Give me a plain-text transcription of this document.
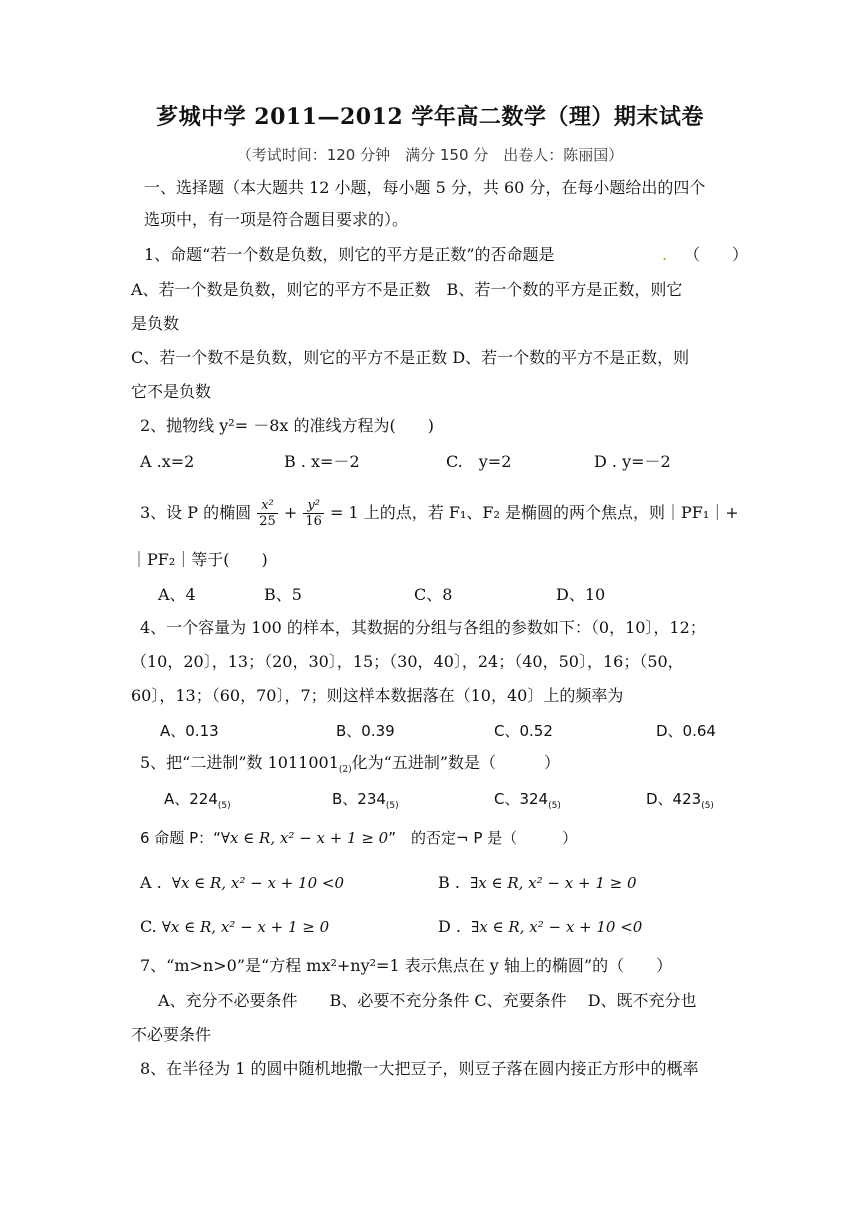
芗城中学 2011—2012 学年高二数学（理）期末试卷
（考试时间：120 分钟　满分 150 分　出卷人：陈丽国）
一、选择题（本大题共 12 小题，每小题 5 分，共 60 分，在每小题给出的四个
选项中，有一项是符合题目要求的）。
1、命题“若一个数是负数，则它的平方是正数”的否命题是	. （　　）
A、若一个数是负数，则它的平方不是正数　B、若一个数的平方是正数，则它
是负数
C、若一个数不是负数，则它的平方不是正数 D、若一个数的平方不是正数，则
它不是负数
2、抛物线 y²= －8x 的准线方程为(　　)
A .x=2	B . x=－2	C.　y=2	D . y=－2
3、设 P 的椭圆 $\frac{\text{x²}}{25} + \frac{\text{y²}}{16} = 1$ 上的点，若 F₁、F₂ 是椭圆的两个焦点，则｜PF₁｜+
｜PF₂｜等于(　　)
A、4	B、5	C、8	D、10
4、一个容量为 100 的样本，其数据的分组与各组的参数如下：（0，10〕，12；
（10，20〕，13；（20，30〕，15；（30，40〕，24；（40，50〕，16；（50，
60〕，13；（60，70〕，7；则这样本数据落在（10，40〕上的频率为
A、0.13	B、0.39	C、0.52	D、0.64
5、把“二进制”数 $1011001_{(2)}$化为“五进制”数是（　　　）
A、$224_{(5)}$	B、$234_{(5)}$	C、$324_{(5)}$	D、$423_{(5)}$
6 命题 P：“∀x ∈ R, x² − x + 1 ≥ 0”　的否定¬ P 是（　　　）
A . ∀x ∈ R, x² − x + 10 <0	B . ∃x ∈ R, x² − x + 1 ≥ 0
C. ∀x ∈ R, x² − x + 1 ≥ 0	D . ∃x ∈ R, x² − x + 10 <0
7、“m>n>0”是“方程 mx²+ny²=1 表示焦点在 y 轴上的椭圆”的（　　）
A、充分不必要条件　　B、必要不充分条件 C、充要条件　 D、既不充分也
不必要条件
8、在半径为 1 的圆中随机地撒一大把豆子，则豆子落在圆内接正方形中的概率
